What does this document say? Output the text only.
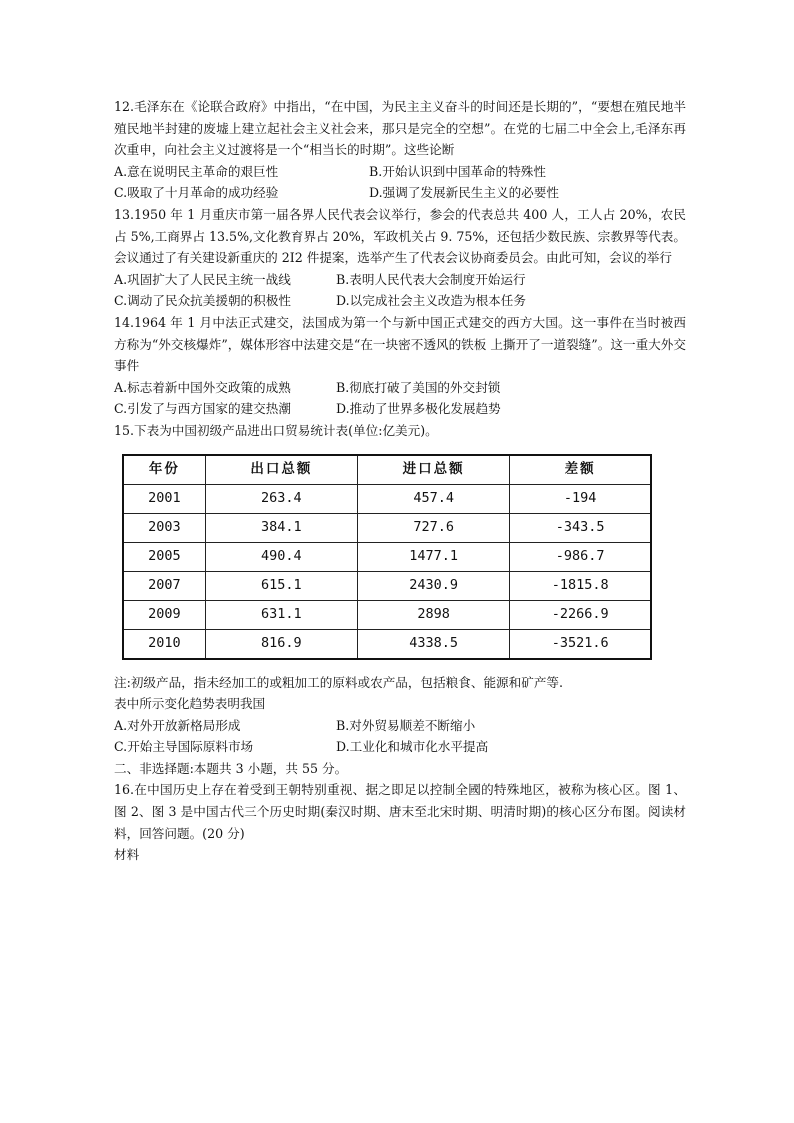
12.毛泽东在《论联合政府》中指出，“在中国，为民主主义奋斗的时间还是长期的”，“要想在殖民地半殖民地半封建的废墟上建立起社会主义社会来，那只是完全的空想”。在党的七届二中全会上,毛泽东再次重申，向社会主义过渡将是一个“相当长的时期”。这些论断

A.意在说明民主革命的艰巨性	B.开始认识到中国革命的特殊性
C.吸取了十月革命的成功经验	D.强调了发展新民生主义的必要性

13.1950 年 1 月重庆市第一届各界人民代表会议举行，参会的代表总共 400 人，工人占 20%，农民占 5%,工商界占 13.5%,文化教育界占 20%，军政机关占 9. 75%，还包括少数民族、宗教界等代表。会议通过了有关建设新重庆的 2I2 件提案，选举产生了代表会议协商委员会。由此可知，会议的举行

A.巩固扩大了人民民主统一战线	B.表明人民代表大会制度开始运行
C.调动了民众抗美援朝的积极性	D.以完成社会主义改造为根本任务

14.1964 年 1 月中法正式建交，法国成为第一个与新中国正式建交的西方大国。这一事件在当时被西方称为“外交核爆炸”，媒体形容中法建交是“在一块密不透风的铁板 上撕开了一道裂缝”。这一重大外交事件

A.标志着新中国外交政策的成熟	B.彻底打破了美国的外交封锁
C.引发了与西方国家的建交热潮	D.推动了世界多极化发展趋势

15.下表为中国初级产品进出口贸易统计表(单位:亿美元)。

年份	出口总额	进口总额	差额
2001	263.4	457.4	-194
2003	384.1	727.6	-343.5
2005	490.4	1477.1	-986.7
2007	615.1	2430.9	-1815.8
2009	631.1	2898	-2266.9
2010	816.9	4338.5	-3521.6

注:初级产品，指未经加工的或粗加工的原料或农产品，包括粮食、能源和矿产等.

表中所示变化趋势表明我国

A.对外开放新格局形成	B.对外贸易顺差不断缩小
C.开始主导国际原料市场	D.工业化和城市化水平提高

二、非选择题:本题共 3 小题，共 55 分。

16.在中国历史上存在着受到王朝特别重视、据之即足以控制全國的特殊地区，被称为核心区。图 1、图 2、图 3 是中国古代三个历史时期(秦汉时期、唐末至北宋时期、明清时期)的核心区分布图。阅读材料，回答问题。(20 分)

材料
